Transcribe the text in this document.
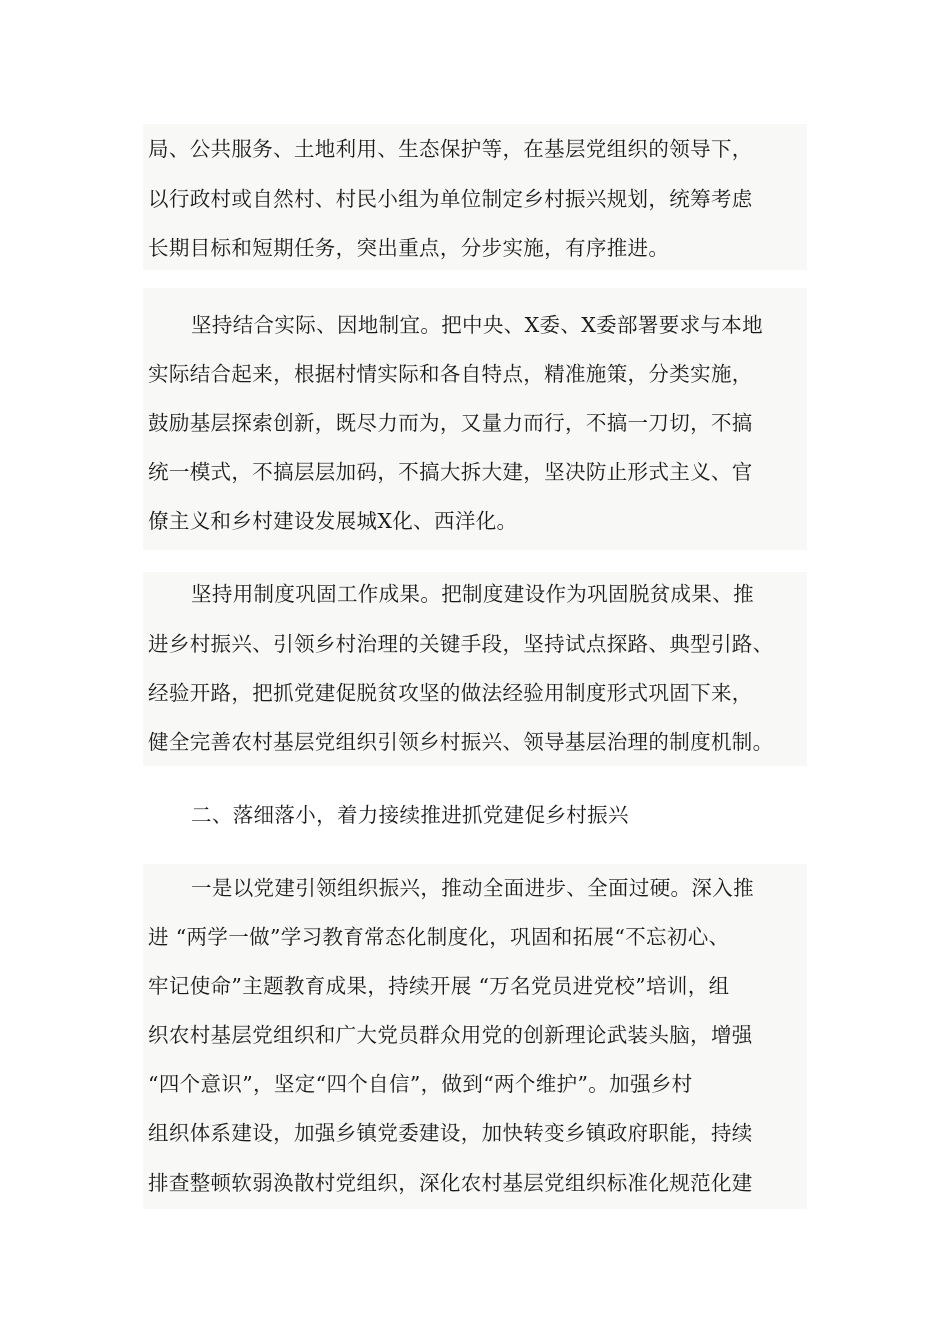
局、公共服务、土地利用、生态保护等，在基层党组织的领导下，
以行政村或自然村、村民小组为单位制定乡村振兴规划，统筹考虑
长期目标和短期任务，突出重点，分步实施，有序推进。
坚持结合实际、因地制宜。把中央、X委、X委部署要求与本地
实际结合起来，根据村情实际和各自特点，精准施策，分类实施，
鼓励基层探索创新，既尽力而为，又量力而行，不搞一刀切，不搞
统一模式，不搞层层加码，不搞大拆大建，坚决防止形式主义、官
僚主义和乡村建设发展城X化、西洋化。
坚持用制度巩固工作成果。把制度建设作为巩固脱贫成果、推
进乡村振兴、引领乡村治理的关键手段，坚持试点探路、典型引路、
经验开路，把抓党建促脱贫攻坚的做法经验用制度形式巩固下来，
健全完善农村基层党组织引领乡村振兴、领导基层治理的制度机制。
二、落细落小，着力接续推进抓党建促乡村振兴
一是以党建引领组织振兴，推动全面进步、全面过硬。深入推
进 “两学一做”学习教育常态化制度化，巩固和拓展“不忘初心、
牢记使命”主题教育成果，持续开展 “万名党员进党校”培训，组
织农村基层党组织和广大党员群众用党的创新理论武装头脑，增强
“四个意识”，坚定“四个自信”，做到“两个维护”。加强乡村
组织体系建设，加强乡镇党委建设，加快转变乡镇政府职能，持续
排查整顿软弱涣散村党组织，深化农村基层党组织标准化规范化建
